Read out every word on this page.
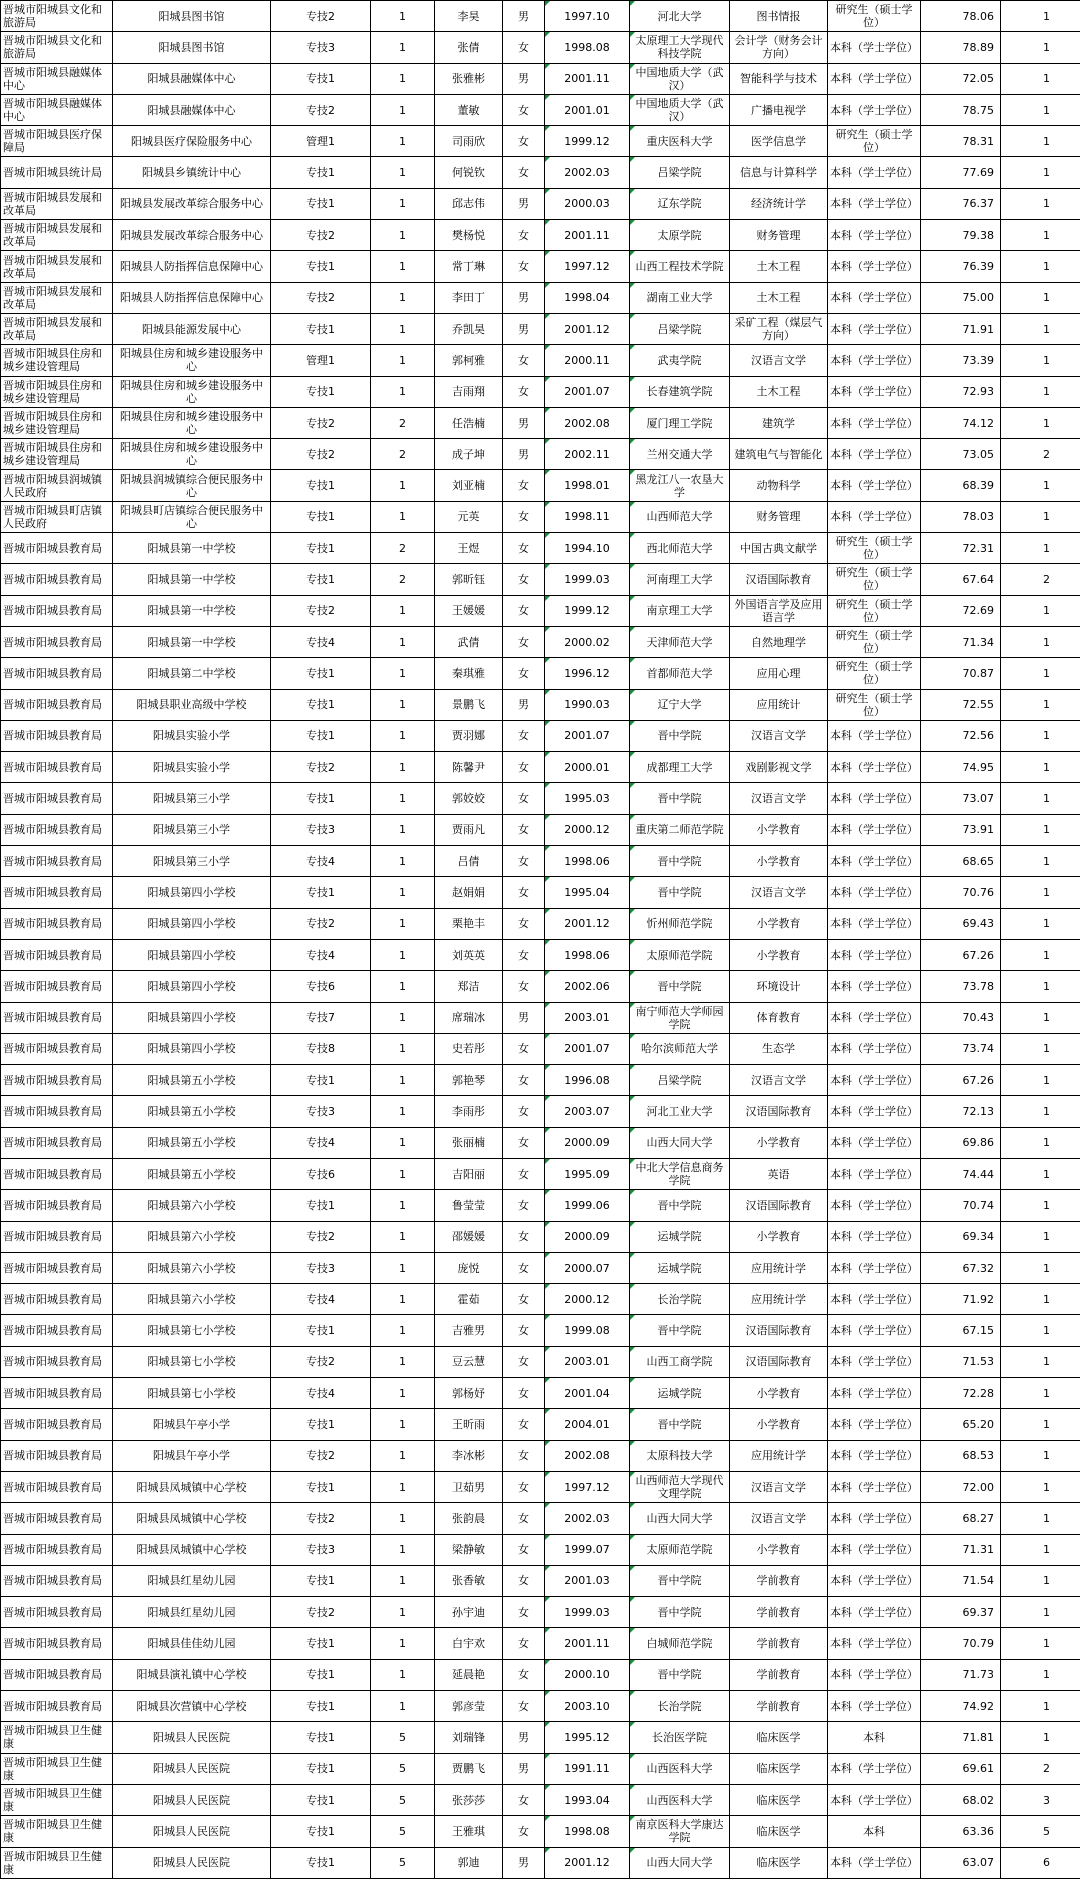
晋城市阳城县文化和旅游局	阳城县图书馆	专技2	1	李昊	男	1997.10	河北大学	图书情报	研究生（硕士学位）	78.06	1
晋城市阳城县文化和旅游局	阳城县图书馆	专技3	1	张倩	女	1998.08	太原理工大学现代科技学院	会计学（财务会计方向）	本科（学士学位）	78.89	1
晋城市阳城县融媒体中心	阳城县融媒体中心	专技1	1	张雅彬	男	2001.11	中国地质大学（武汉）	智能科学与技术	本科（学士学位）	72.05	1
晋城市阳城县融媒体中心	阳城县融媒体中心	专技2	1	董敏	女	2001.01	中国地质大学（武汉）	广播电视学	本科（学士学位）	78.75	1
晋城市阳城县医疗保障局	阳城县医疗保险服务中心	管理1	1	司雨欣	女	1999.12	重庆医科大学	医学信息学	研究生（硕士学位）	78.31	1
晋城市阳城县统计局	阳城县乡镇统计中心	专技1	1	何锐钦	女	2002.03	吕梁学院	信息与计算科学	本科（学士学位）	77.69	1
晋城市阳城县发展和改革局	阳城县发展改革综合服务中心	专技1	1	邱志伟	男	2000.03	辽东学院	经济统计学	本科（学士学位）	76.37	1
晋城市阳城县发展和改革局	阳城县发展改革综合服务中心	专技2	1	樊杨悦	女	2001.11	太原学院	财务管理	本科（学士学位）	79.38	1
晋城市阳城县发展和改革局	阳城县人防指挥信息保障中心	专技1	1	常丁琳	女	1997.12	山西工程技术学院	土木工程	本科（学士学位）	76.39	1
晋城市阳城县发展和改革局	阳城县人防指挥信息保障中心	专技2	1	李田丁	男	1998.04	湖南工业大学	土木工程	本科（学士学位）	75.00	1
晋城市阳城县发展和改革局	阳城县能源发展中心	专技1	1	乔凯昊	男	2001.12	吕梁学院	采矿工程（煤层气方向）	本科（学士学位）	71.91	1
晋城市阳城县住房和城乡建设管理局	阳城县住房和城乡建设服务中心	管理1	1	郭柯雅	女	2000.11	武夷学院	汉语言文学	本科（学士学位）	73.39	1
晋城市阳城县住房和城乡建设管理局	阳城县住房和城乡建设服务中心	专技1	1	吉雨翔	女	2001.07	长春建筑学院	土木工程	本科（学士学位）	72.93	1
晋城市阳城县住房和城乡建设管理局	阳城县住房和城乡建设服务中心	专技2	2	任浩楠	男	2002.08	厦门理工学院	建筑学	本科（学士学位）	74.12	1
晋城市阳城县住房和城乡建设管理局	阳城县住房和城乡建设服务中心	专技2	2	成子坤	男	2002.11	兰州交通大学	建筑电气与智能化	本科（学士学位）	73.05	2
晋城市阳城县润城镇人民政府	阳城县润城镇综合便民服务中心	专技1	1	刘亚楠	女	1998.01	黑龙江八一农垦大学	动物科学	本科（学士学位）	68.39	1
晋城市阳城县町店镇人民政府	阳城县町店镇综合便民服务中心	专技1	1	元英	女	1998.11	山西师范大学	财务管理	本科（学士学位）	78.03	1
晋城市阳城县教育局	阳城县第一中学校	专技1	2	王煜	女	1994.10	西北师范大学	中国古典文献学	研究生（硕士学位）	72.31	1
晋城市阳城县教育局	阳城县第一中学校	专技1	2	郭昕钰	女	1999.03	河南理工大学	汉语国际教育	研究生（硕士学位）	67.64	2
晋城市阳城县教育局	阳城县第一中学校	专技2	1	王媛媛	女	1999.12	南京理工大学	外国语言学及应用语言学	研究生（硕士学位）	72.69	1
晋城市阳城县教育局	阳城县第一中学校	专技4	1	武倩	女	2000.02	天津师范大学	自然地理学	研究生（硕士学位）	71.34	1
晋城市阳城县教育局	阳城县第二中学校	专技1	1	秦琪雅	女	1996.12	首都师范大学	应用心理	研究生（硕士学位）	70.87	1
晋城市阳城县教育局	阳城县职业高级中学校	专技1	1	景鹏飞	男	1990.03	辽宁大学	应用统计	研究生（硕士学位）	72.55	1
晋城市阳城县教育局	阳城县实验小学	专技1	1	贾羽娜	女	2001.07	晋中学院	汉语言文学	本科（学士学位）	72.56	1
晋城市阳城县教育局	阳城县实验小学	专技2	1	陈馨尹	女	2000.01	成都理工大学	戏剧影视文学	本科（学士学位）	74.95	1
晋城市阳城县教育局	阳城县第三小学	专技1	1	郭姣姣	女	1995.03	晋中学院	汉语言文学	本科（学士学位）	73.07	1
晋城市阳城县教育局	阳城县第三小学	专技3	1	贾雨凡	女	2000.12	重庆第二师范学院	小学教育	本科（学士学位）	73.91	1
晋城市阳城县教育局	阳城县第三小学	专技4	1	吕倩	女	1998.06	晋中学院	小学教育	本科（学士学位）	68.65	1
晋城市阳城县教育局	阳城县第四小学校	专技1	1	赵娟娟	女	1995.04	晋中学院	汉语言文学	本科（学士学位）	70.76	1
晋城市阳城县教育局	阳城县第四小学校	专技2	1	栗艳丰	女	2001.12	忻州师范学院	小学教育	本科（学士学位）	69.43	1
晋城市阳城县教育局	阳城县第四小学校	专技4	1	刘英英	女	1998.06	太原师范学院	小学教育	本科（学士学位）	67.26	1
晋城市阳城县教育局	阳城县第四小学校	专技6	1	郑洁	女	2002.06	晋中学院	环境设计	本科（学士学位）	73.78	1
晋城市阳城县教育局	阳城县第四小学校	专技7	1	席瑞冰	男	2003.01	南宁师范大学师园学院	体育教育	本科（学士学位）	70.43	1
晋城市阳城县教育局	阳城县第四小学校	专技8	1	史若彤	女	2001.07	哈尔滨师范大学	生态学	本科（学士学位）	73.74	1
晋城市阳城县教育局	阳城县第五小学校	专技1	1	郭艳琴	女	1996.08	吕梁学院	汉语言文学	本科（学士学位）	67.26	1
晋城市阳城县教育局	阳城县第五小学校	专技3	1	李雨彤	女	2003.07	河北工业大学	汉语国际教育	本科（学士学位）	72.13	1
晋城市阳城县教育局	阳城县第五小学校	专技4	1	张丽楠	女	2000.09	山西大同大学	小学教育	本科（学士学位）	69.86	1
晋城市阳城县教育局	阳城县第五小学校	专技6	1	吉阳丽	女	1995.09	中北大学信息商务学院	英语	本科（学士学位）	74.44	1
晋城市阳城县教育局	阳城县第六小学校	专技1	1	鲁莹莹	女	1999.06	晋中学院	汉语国际教育	本科（学士学位）	70.74	1
晋城市阳城县教育局	阳城县第六小学校	专技2	1	邵媛媛	女	2000.09	运城学院	小学教育	本科（学士学位）	69.34	1
晋城市阳城县教育局	阳城县第六小学校	专技3	1	庞悦	女	2000.07	运城学院	应用统计学	本科（学士学位）	67.32	1
晋城市阳城县教育局	阳城县第六小学校	专技4	1	霍茹	女	2000.12	长治学院	应用统计学	本科（学士学位）	71.92	1
晋城市阳城县教育局	阳城县第七小学校	专技1	1	吉雅男	女	1999.08	晋中学院	汉语国际教育	本科（学士学位）	67.15	1
晋城市阳城县教育局	阳城县第七小学校	专技2	1	豆云慧	女	2003.01	山西工商学院	汉语国际教育	本科（学士学位）	71.53	1
晋城市阳城县教育局	阳城县第七小学校	专技4	1	郭杨妤	女	2001.04	运城学院	小学教育	本科（学士学位）	72.28	1
晋城市阳城县教育局	阳城县午亭小学	专技1	1	王昕雨	女	2004.01	晋中学院	小学教育	本科（学士学位）	65.20	1
晋城市阳城县教育局	阳城县午亭小学	专技2	1	李冰彬	女	2002.08	太原科技大学	应用统计学	本科（学士学位）	68.53	1
晋城市阳城县教育局	阳城县凤城镇中心学校	专技1	1	卫茹男	女	1997.12	山西师范大学现代文理学院	汉语言文学	本科（学士学位）	72.00	1
晋城市阳城县教育局	阳城县凤城镇中心学校	专技2	1	张韵晨	女	2002.03	山西大同大学	汉语言文学	本科（学士学位）	68.27	1
晋城市阳城县教育局	阳城县凤城镇中心学校	专技3	1	梁静敏	女	1999.07	太原师范学院	小学教育	本科（学士学位）	71.31	1
晋城市阳城县教育局	阳城县红星幼儿园	专技1	1	张香敏	女	2001.03	晋中学院	学前教育	本科（学士学位）	71.54	1
晋城市阳城县教育局	阳城县红星幼儿园	专技2	1	孙宇迪	女	1999.03	晋中学院	学前教育	本科（学士学位）	69.37	1
晋城市阳城县教育局	阳城县佳佳幼儿园	专技1	1	白宇欢	女	2001.11	白城师范学院	学前教育	本科（学士学位）	70.79	1
晋城市阳城县教育局	阳城县演礼镇中心学校	专技1	1	延晨艳	女	2000.10	晋中学院	学前教育	本科（学士学位）	71.73	1
晋城市阳城县教育局	阳城县次营镇中心学校	专技1	1	郭彦莹	女	2003.10	长治学院	学前教育	本科（学士学位）	74.92	1
晋城市阳城县卫生健康	阳城县人民医院	专技1	5	刘瑞锋	男	1995.12	长治医学院	临床医学	本科	71.81	1
晋城市阳城县卫生健康	阳城县人民医院	专技1	5	贾鹏飞	男	1991.11	山西医科大学	临床医学	本科（学士学位）	69.61	2
晋城市阳城县卫生健康	阳城县人民医院	专技1	5	张莎莎	女	1993.04	山西医科大学	临床医学	本科（学士学位）	68.02	3
晋城市阳城县卫生健康	阳城县人民医院	专技1	5	王雅琪	女	1998.08	南京医科大学康达学院	临床医学	本科	63.36	5
晋城市阳城县卫生健康	阳城县人民医院	专技1	5	郭迪	男	2001.12	山西大同大学	临床医学	本科（学士学位）	63.07	6
